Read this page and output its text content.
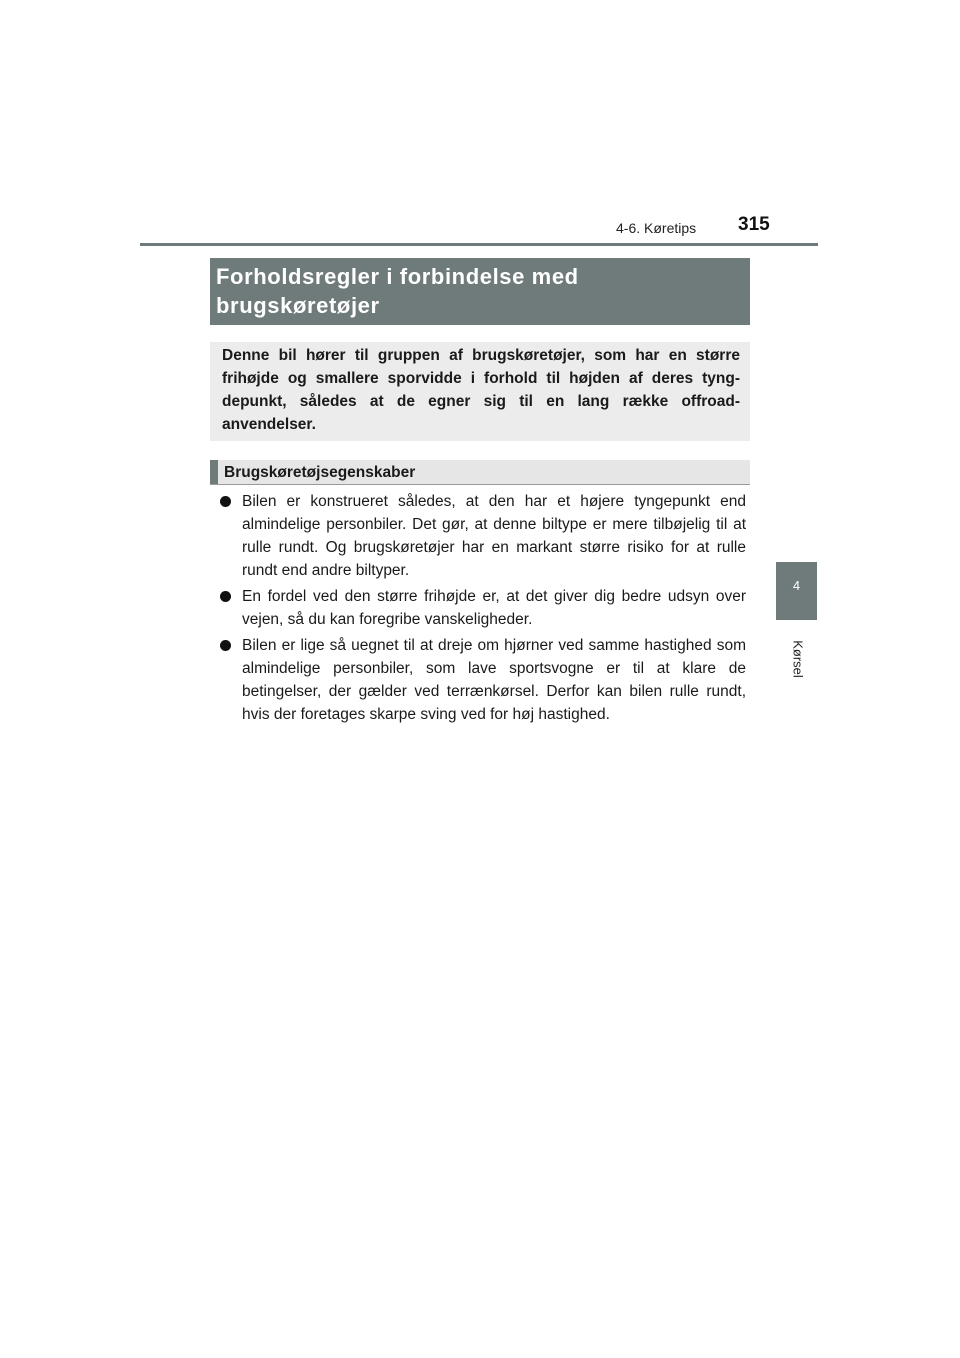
4-6. Køretips 315
4
Kørsel
Forholdsregler i forbindelse med
brugskøretøjer
Denne bil hører til gruppen af brugskøretøjer, som har en større frihøjde og smallere sporvidde i forhold til højden af deres tyng-depunkt, således at de egner sig til en lang række offroad-anvendelser.
Brugskøretøjsegenskaber
Bilen er konstrueret således, at den har et højere tyngepunkt end almindelige personbiler. Det gør, at denne biltype er mere tilbøjelig til at rulle rundt. Og brugskøretøjer har en markant større risiko for at rulle rundt end andre biltyper.
En fordel ved den større frihøjde er, at det giver dig bedre udsyn over vejen, så du kan foregribe vanskeligheder.
Bilen er lige så uegnet til at dreje om hjørner ved samme hastighed som almindelige personbiler, som lave sportsvogne er til at klare de betingelser, der gælder ved terrænkørsel. Derfor kan bilen rulle rundt, hvis der foretages skarpe sving ved for høj hastighed.
